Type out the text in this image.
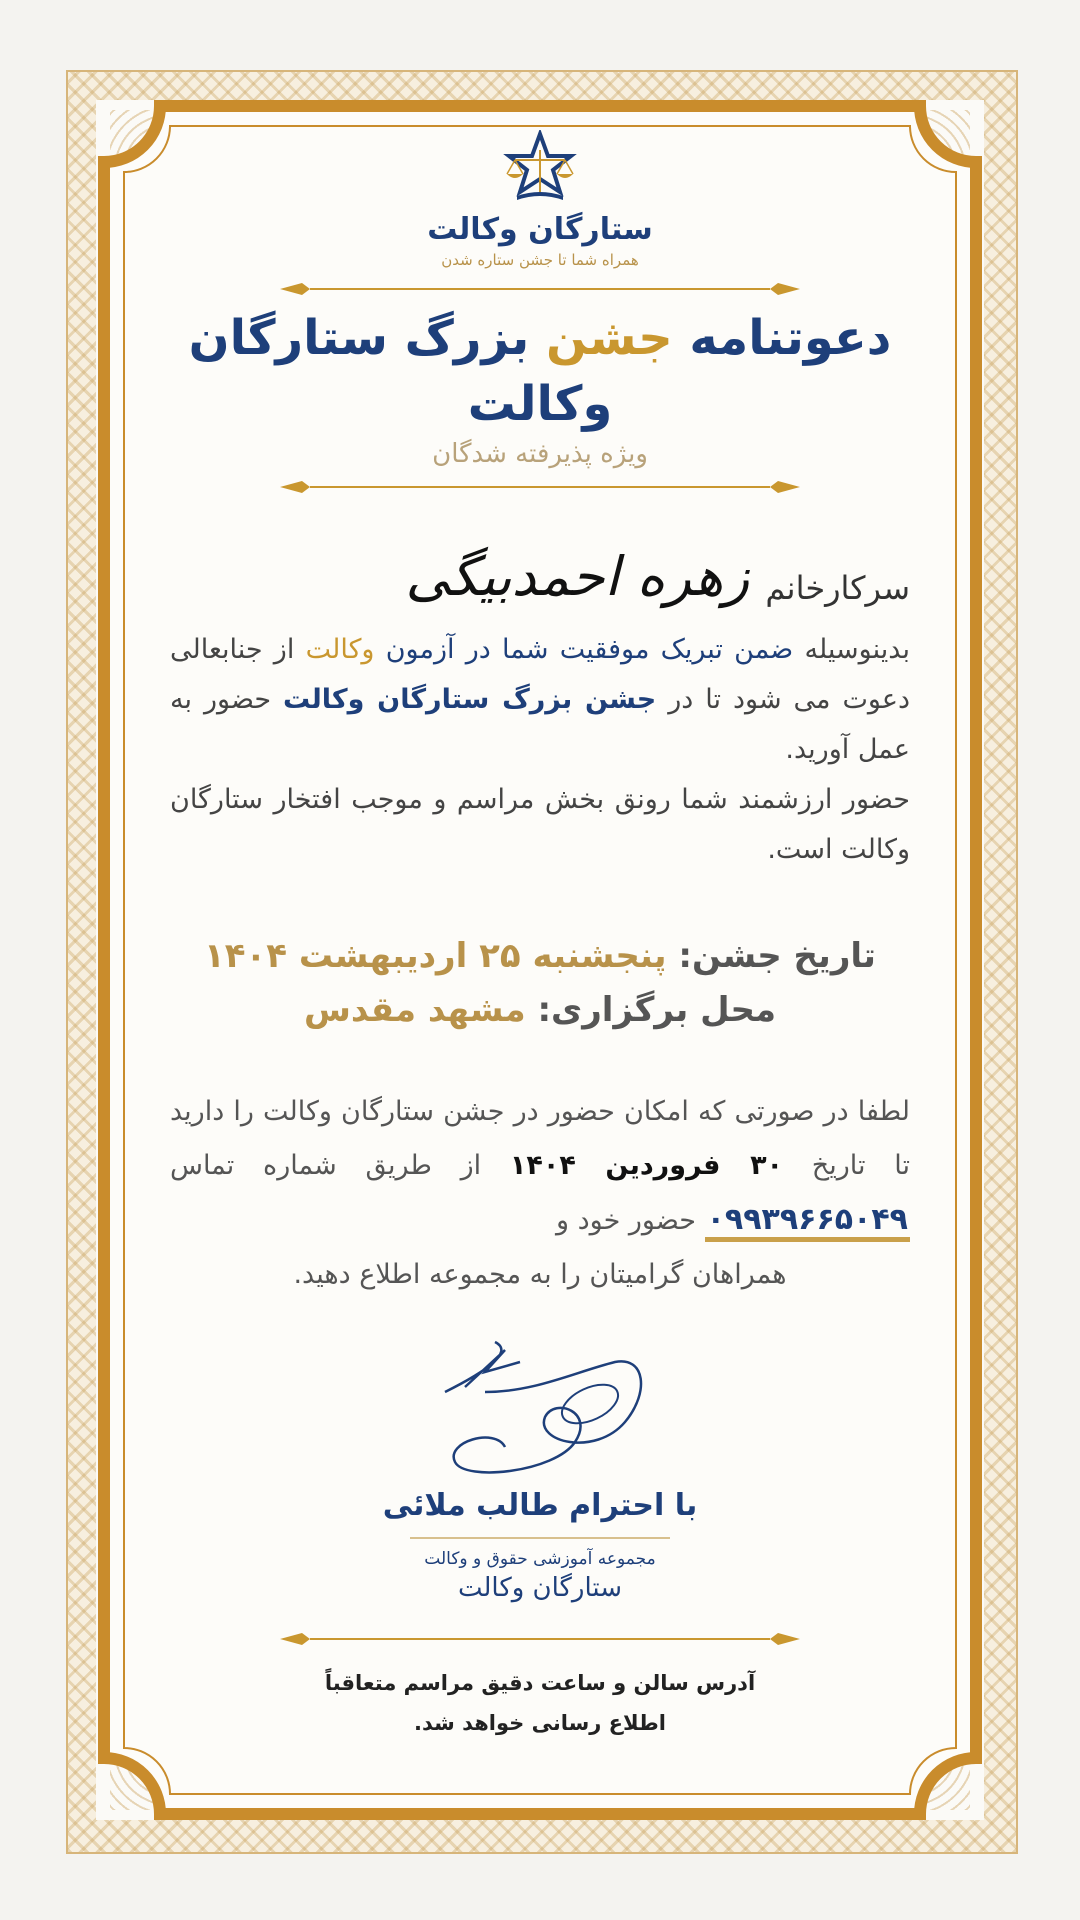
ستارگان وکالت
همراه شما تا جشن ستاره شدن
دعوتنامه جشن بزرگ ستارگان وکالت
ویژه پذیرفته شدگان
سرکارخانم
زهره احمدبیگی
بدینوسیله ضمن تبریک موفقیت شما در آزمون وکالت از جنابعالی دعوت می شود تا در جشن بزرگ ستارگان وکالت حضور به عمل آورید.
حضور ارزشمند شما رونق بخش مراسم و موجب افتخار ستارگان وکالت است.
تاریخ جشن: پنجشنبه ۲۵ اردیبهشت ۱۴۰۴
محل برگزاری: مشهد مقدس
لطفا در صورتی که امکان حضور در جشن ستارگان وکالت را دارید تا تاریخ ۳۰ فروردین ۱۴۰۴ از طریق شماره تماس ۰۹۹۳۹۶۶۵۰۴۹ حضور خود و
همراهان گرامیتان را به مجموعه اطلاع دهید.
با احترام طالب ملائی
مجموعه آموزشی حقوق و وکالت
ستارگان وکالت
آدرس سالن و ساعت دقیق مراسم متعاقباً
اطلاع رسانی خواهد شد.
